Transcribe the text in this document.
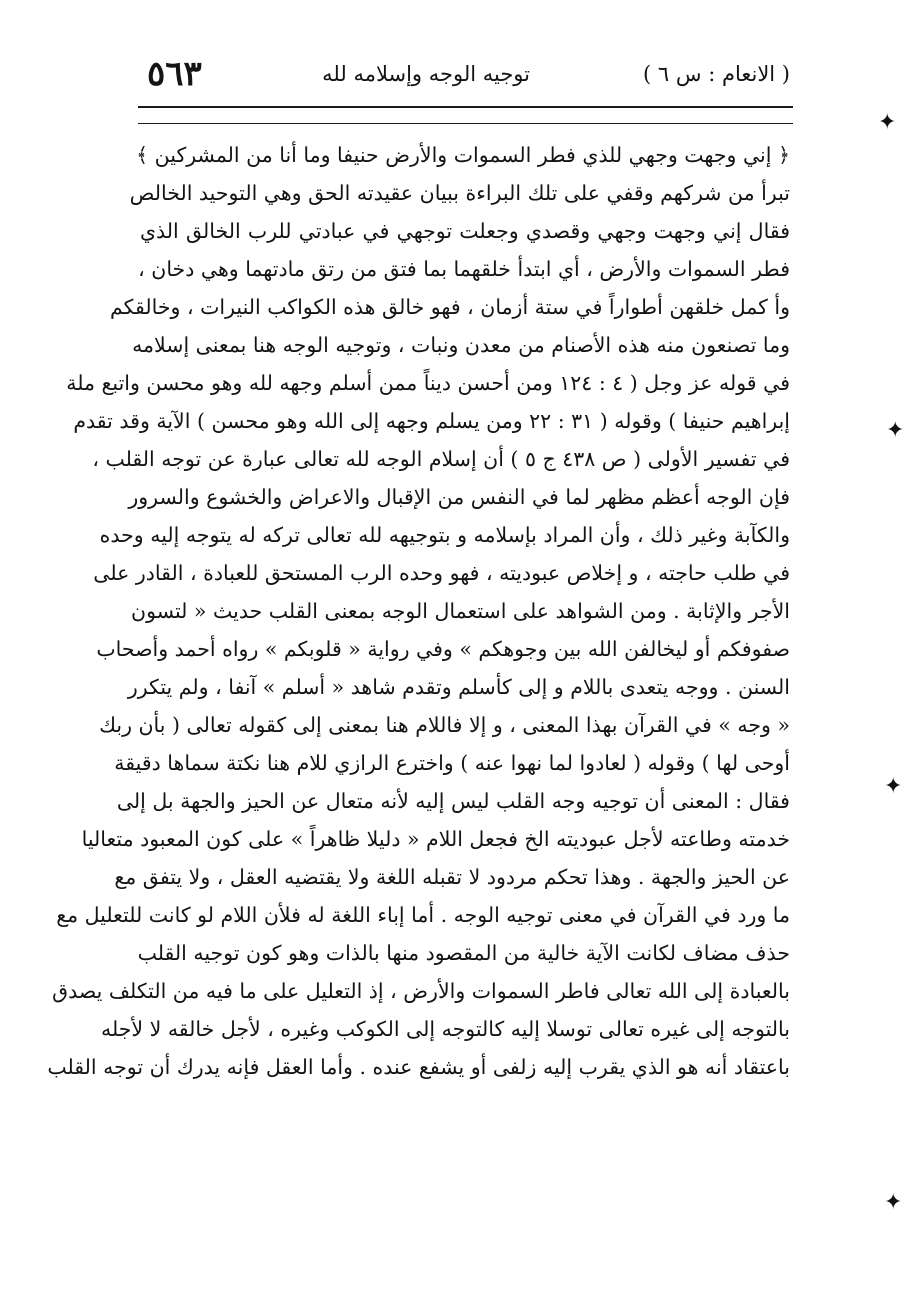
( الانعام : س ٦ )
توجيه الوجه وإسلامه لله
٥٦٣
✦
✦
✦
✦
﴿ إني وجهت وجهي للذي فطر السموات والأرض حنيفا وما أنا من المشركين ﴾
تبرأ من شركهم وقفي على تلك البراءة ببيان عقيدته الحق وهي التوحيد الخالص
فقال إني وجهت وجهي وقصدي وجعلت توجهي في عبادتي للرب الخالق الذي
فطر السموات والأرض ، أي ابتدأ خلقهما بما فتق من رتق مادتهما وهي دخان ،
وأ كمل خلقهن أطواراً في ستة أزمان ، فهو خالق هذه الكواكب النيرات ، وخالقكم
وما تصنعون منه هذه الأصنام من معدن ونبات ، وتوجيه الوجه هنا بمعنى إسلامه
في قوله عز وجل ( ٤ : ١٢٤ ومن أحسن ديناً ممن أسلم وجهه لله وهو محسن واتبع ملة
إبراهيم حنيفا ) وقوله ( ٣١ : ٢٢ ومن يسلم وجهه إلى الله وهو محسن ) الآية وقد تقدم
في تفسير الأولى ( ص ٤٣٨ ج ٥ ) أن إسلام الوجه لله تعالى عبارة عن توجه القلب ،
فإن الوجه أعظم مظهر لما في النفس من الإقبال والاعراض والخشوع والسرور
والكآبة وغير ذلك ، وأن المراد بإسلامه و بتوجيهه لله تعالى تركه له يتوجه إليه وحده
في طلب حاجته ، و إخلاص عبوديته ، فهو وحده الرب المستحق للعبادة ، القادر على
الأجر والإثابة . ومن الشواهد على استعمال الوجه بمعنى القلب حديث « لتسون
صفوفكم أو ليخالفن الله بين وجوهكم » وفي رواية « قلوبكم » رواه أحمد وأصحاب
السنن . ووجه يتعدى باللام و إلى كأسلم وتقدم شاهد « أسلم » آنفا ، ولم يتكرر
« وجه » في القرآن بهذا المعنى ، و إلا فاللام هنا بمعنى إلى كقوله تعالى ( بأن ربك
أوحى لها ) وقوله ( لعادوا لما نهوا عنه ) واخترع الرازي للام هنا نكتة سماها دقيقة
فقال : المعنى أن توجيه وجه القلب ليس إليه لأنه متعال عن الحيز والجهة بل إلى
خدمته وطاعته لأجل عبوديته الخ فجعل اللام « دليلا ظاهراً » على كون المعبود متعاليا
عن الحيز والجهة . وهذا تحكم مردود لا تقبله اللغة ولا يقتضيه العقل ، ولا يتفق مع
ما ورد في القرآن في معنى توجيه الوجه . أما إباء اللغة له فلأن اللام لو كانت للتعليل مع
حذف مضاف لكانت الآية خالية من المقصود منها بالذات وهو كون توجيه القلب
بالعبادة إلى الله تعالى فاطر السموات والأرض ، إذ التعليل على ما فيه من التكلف يصدق
بالتوجه إلى غيره تعالى توسلا إليه كالتوجه إلى الكوكب وغيره ، لأجل خالقه لا لأجله
باعتقاد أنه هو الذي يقرب إليه زلفى أو يشفع عنده . وأما العقل فإنه يدرك أن توجه القلب
